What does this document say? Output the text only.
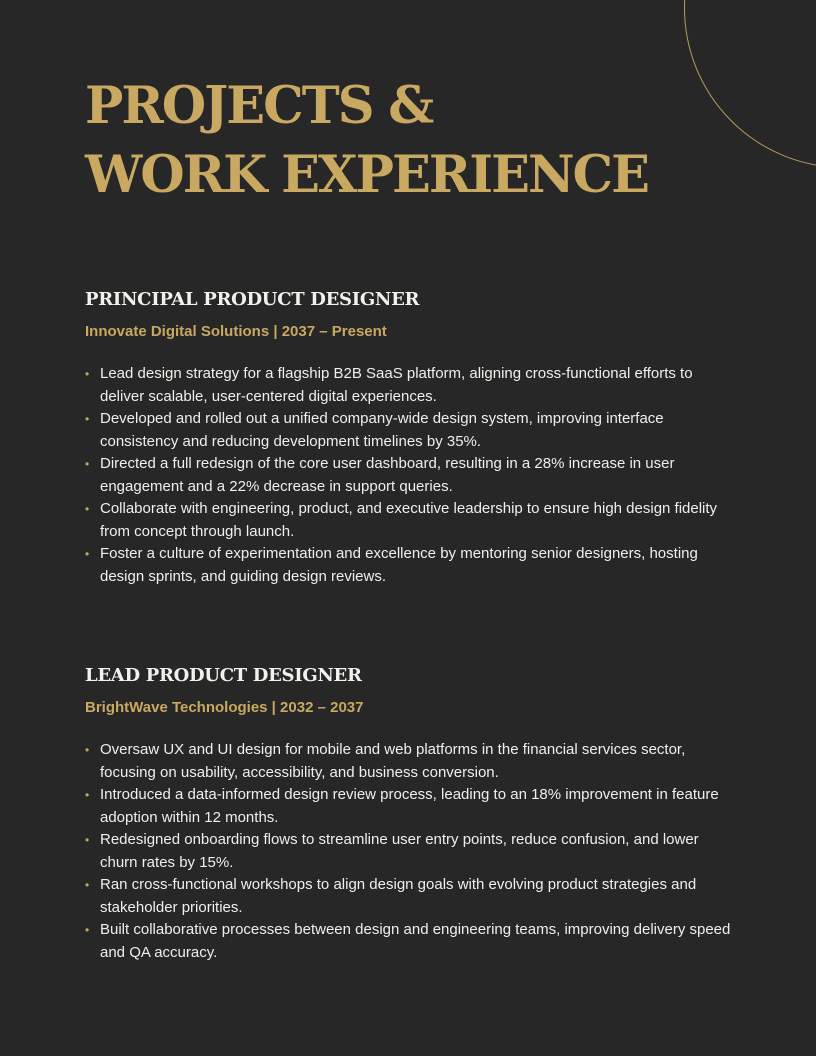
PROJECTS &
WORK EXPERIENCE
PRINCIPAL PRODUCT DESIGNER
Innovate Digital Solutions | 2037 – Present
• Lead design strategy for a flagship B2B SaaS platform, aligning cross-functional efforts to deliver scalable, user-centered digital experiences.
• Developed and rolled out a unified company-wide design system, improving interface consistency and reducing development timelines by 35%.
• Directed a full redesign of the core user dashboard, resulting in a 28% increase in user engagement and a 22% decrease in support queries.
• Collaborate with engineering, product, and executive leadership to ensure high design fidelity from concept through launch.
• Foster a culture of experimentation and excellence by mentoring senior designers, hosting design sprints, and guiding design reviews.
LEAD PRODUCT DESIGNER
BrightWave Technologies | 2032 – 2037
• Oversaw UX and UI design for mobile and web platforms in the financial services sector, focusing on usability, accessibility, and business conversion.
• Introduced a data-informed design review process, leading to an 18% improvement in feature adoption within 12 months.
• Redesigned onboarding flows to streamline user entry points, reduce confusion, and lower churn rates by 15%.
• Ran cross-functional workshops to align design goals with evolving product strategies and stakeholder priorities.
• Built collaborative processes between design and engineering teams, improving delivery speed and QA accuracy.
